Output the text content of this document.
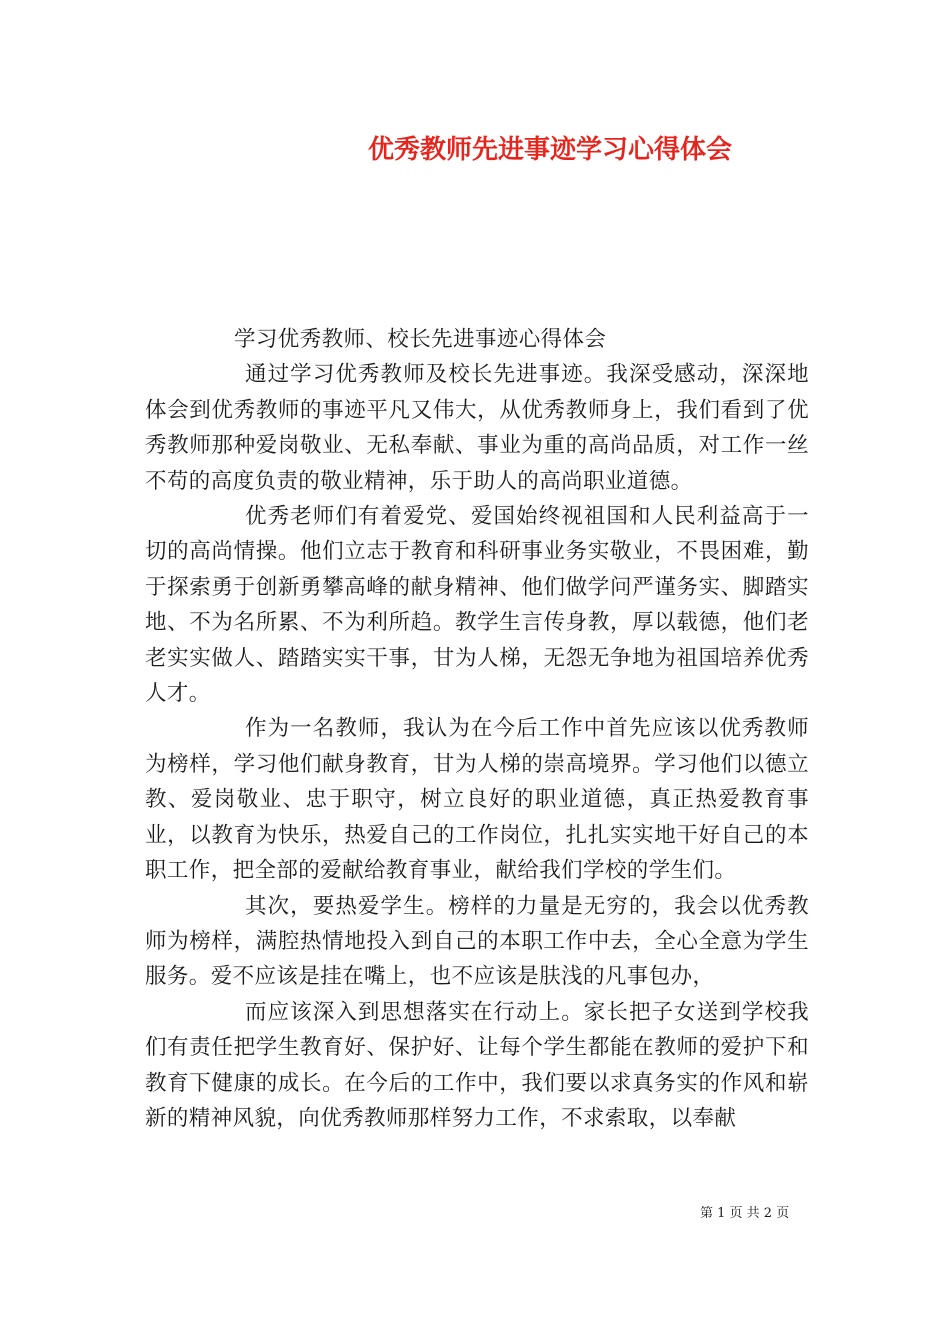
优秀教师先进事迹学习心得体会

学习优秀教师、校长先进事迹心得体会

通过学习优秀教师及校长先进事迹。我深受感动，深深地体会到优秀教师的事迹平凡又伟大，从优秀教师身上，我们看到了优秀教师那种爱岗敬业、无私奉献、事业为重的高尚品质，对工作一丝不苟的高度负责的敬业精神，乐于助人的高尚职业道德。

优秀老师们有着爱党、爱国始终视祖国和人民利益高于一切的高尚情操。他们立志于教育和科研事业务实敬业，不畏困难，勤于探索勇于创新勇攀高峰的献身精神、他们做学问严谨务实、脚踏实地、不为名所累、不为利所趋。教学生言传身教，厚以载德，他们老老实实做人、踏踏实实干事，甘为人梯，无怨无争地为祖国培养优秀人才。

作为一名教师，我认为在今后工作中首先应该以优秀教师为榜样，学习他们献身教育，甘为人梯的崇高境界。学习他们以德立教、爱岗敬业、忠于职守，树立良好的职业道德，真正热爱教育事业，以教育为快乐，热爱自己的工作岗位，扎扎实实地干好自己的本职工作，把全部的爱献给教育事业，献给我们学校的学生们。

其次，要热爱学生。榜样的力量是无穷的，我会以优秀教师为榜样，满腔热情地投入到自己的本职工作中去，全心全意为学生服务。爱不应该是挂在嘴上，也不应该是肤浅的凡事包办，

而应该深入到思想落实在行动上。家长把子女送到学校我们有责任把学生教育好、保护好、让每个学生都能在教师的爱护下和教育下健康的成长。在今后的工作中，我们要以求真务实的作风和崭新的精神风貌，向优秀教师那样努力工作，不求索取，以奉献

第 1 页 共 2 页
